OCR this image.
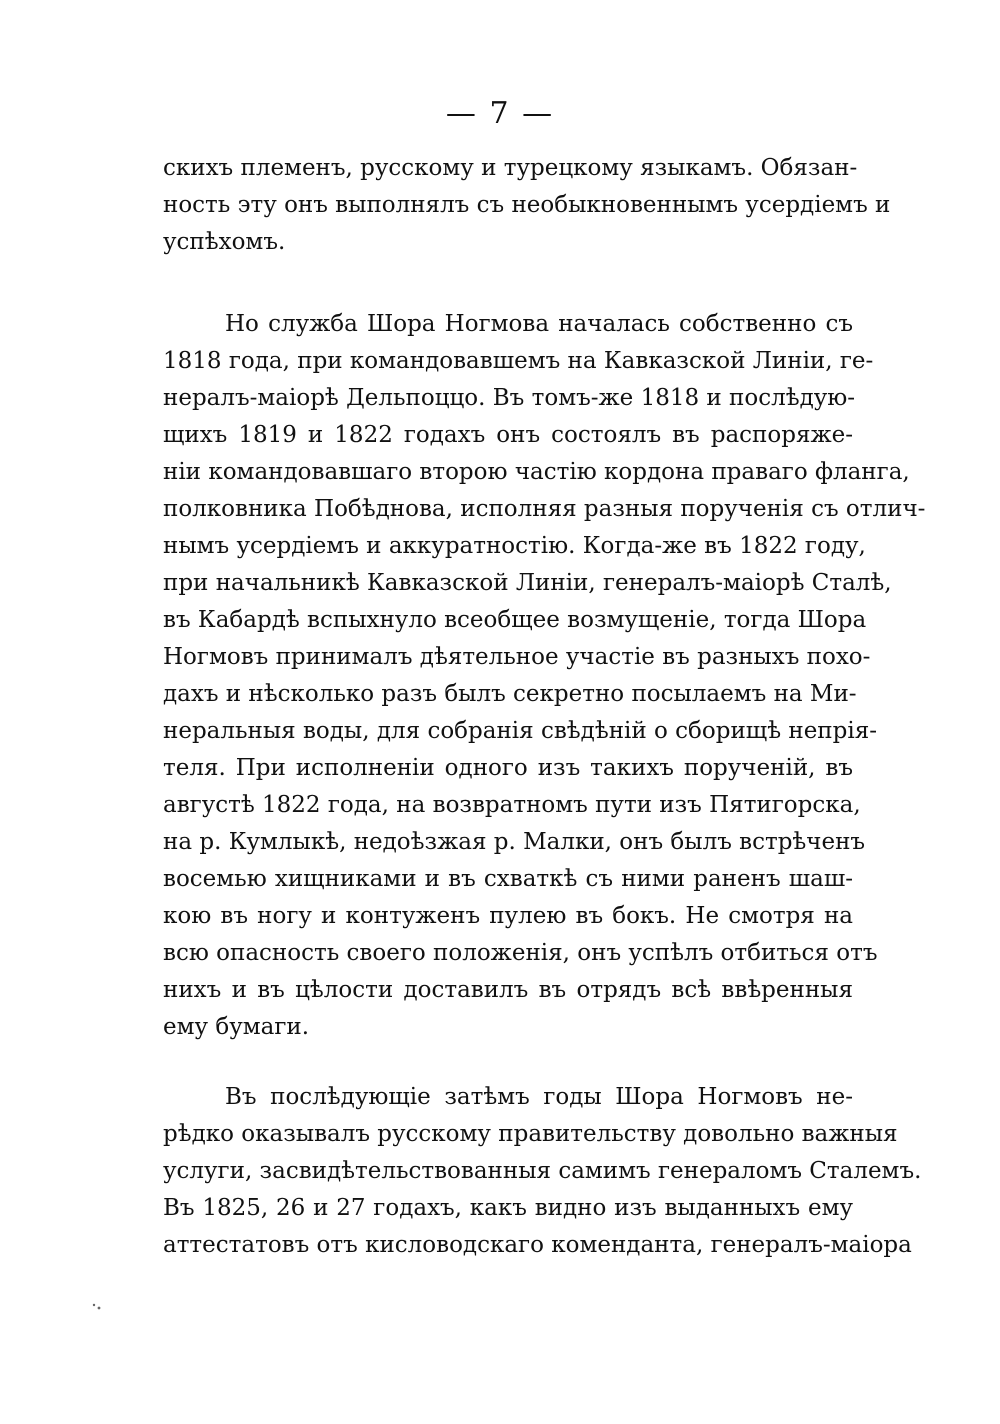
— 7 —
скихъ племенъ, русскому и турецкому языкамъ. Обязан-
ность эту онъ выполнялъ съ необыкновеннымъ усердіемъ и
успѣхомъ.
Но служба Шора Ногмова началась собственно съ
1818 года, при командовавшемъ на Кавказской Линіи, ге-
нералъ-маіорѣ Дельпоццо. Въ томъ-же 1818 и послѣдую-
щихъ 1819 и 1822 годахъ онъ состоялъ въ распоряже-
ніи командовавшаго второю частію кордона праваго фланга,
полковника Побѣднова, исполняя разныя порученія съ отлич-
нымъ усердіемъ и аккуратностію. Когда-же въ 1822 году,
при начальникѣ Кавказской Линіи, генералъ-маіорѣ Сталѣ,
въ Кабардѣ вспыхнуло всеобщее возмущеніе, тогда Шора
Ногмовъ принималъ дѣятельное участіе въ разныхъ похо-
дахъ и нѣсколько разъ былъ секретно посылаемъ на Ми-
неральныя воды, для собранія свѣдѣній о сборищѣ непрія-
теля. При исполненіи одного изъ такихъ порученій, въ
августѣ 1822 года, на возвратномъ пути изъ Пятигорска,
на р. Кумлыкѣ, недоѣзжая р. Малки, онъ былъ встрѣченъ
восемью хищниками и въ схваткѣ съ ними раненъ шаш-
кою въ ногу и контуженъ пулею въ бокъ. Не смотря на
всю опасность своего положенія, онъ успѣлъ отбиться отъ
нихъ и въ цѣлости доставилъ въ отрядъ всѣ ввѣренныя
ему бумаги.
Въ послѣдующіе затѣмъ годы Шора Ногмовъ не-
рѣдко оказывалъ русскому правительству довольно важныя
услуги, засвидѣтельствованныя самимъ генераломъ Сталемъ.
Въ 1825, 26 и 27 годахъ, какъ видно изъ выданныхъ ему
аттестатовъ отъ кисловодскаго коменданта, генералъ-маіора
